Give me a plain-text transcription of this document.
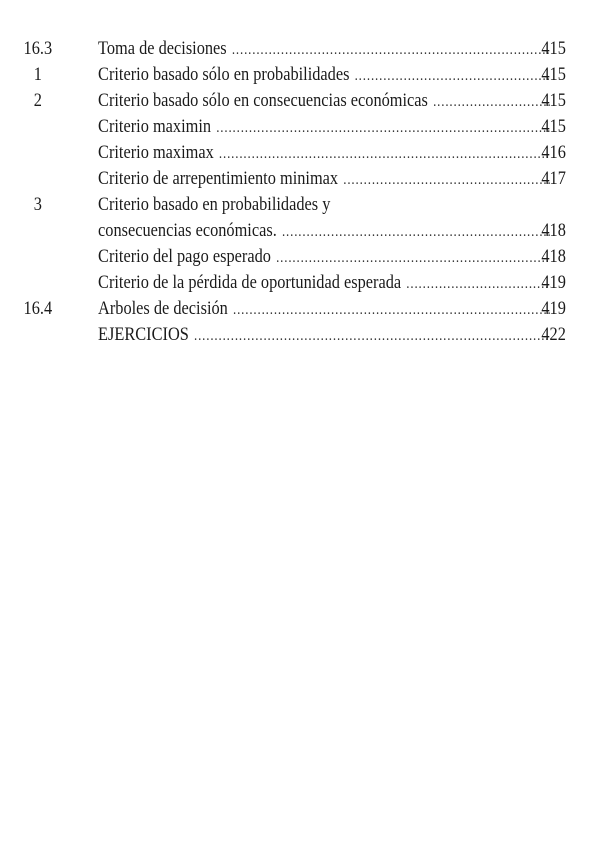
16.3	Toma de decisiones .....	415
1	Criterio basado sólo en probabilidades .....	415
2	Criterio basado sólo en consecuencias económicas .....	415
Criterio maximin .....	415
Criterio maximax .....	416
Criterio de arrepentimiento minimax .....	417
3	Criterio basado en probabilidades y
consecuencias económicas. .....	418
Criterio del pago esperado .....	418
Criterio de la pérdida de oportunidad esperada .....	419
16.4	Arboles de decisión .....	419
EJERCICIOS .....	422
